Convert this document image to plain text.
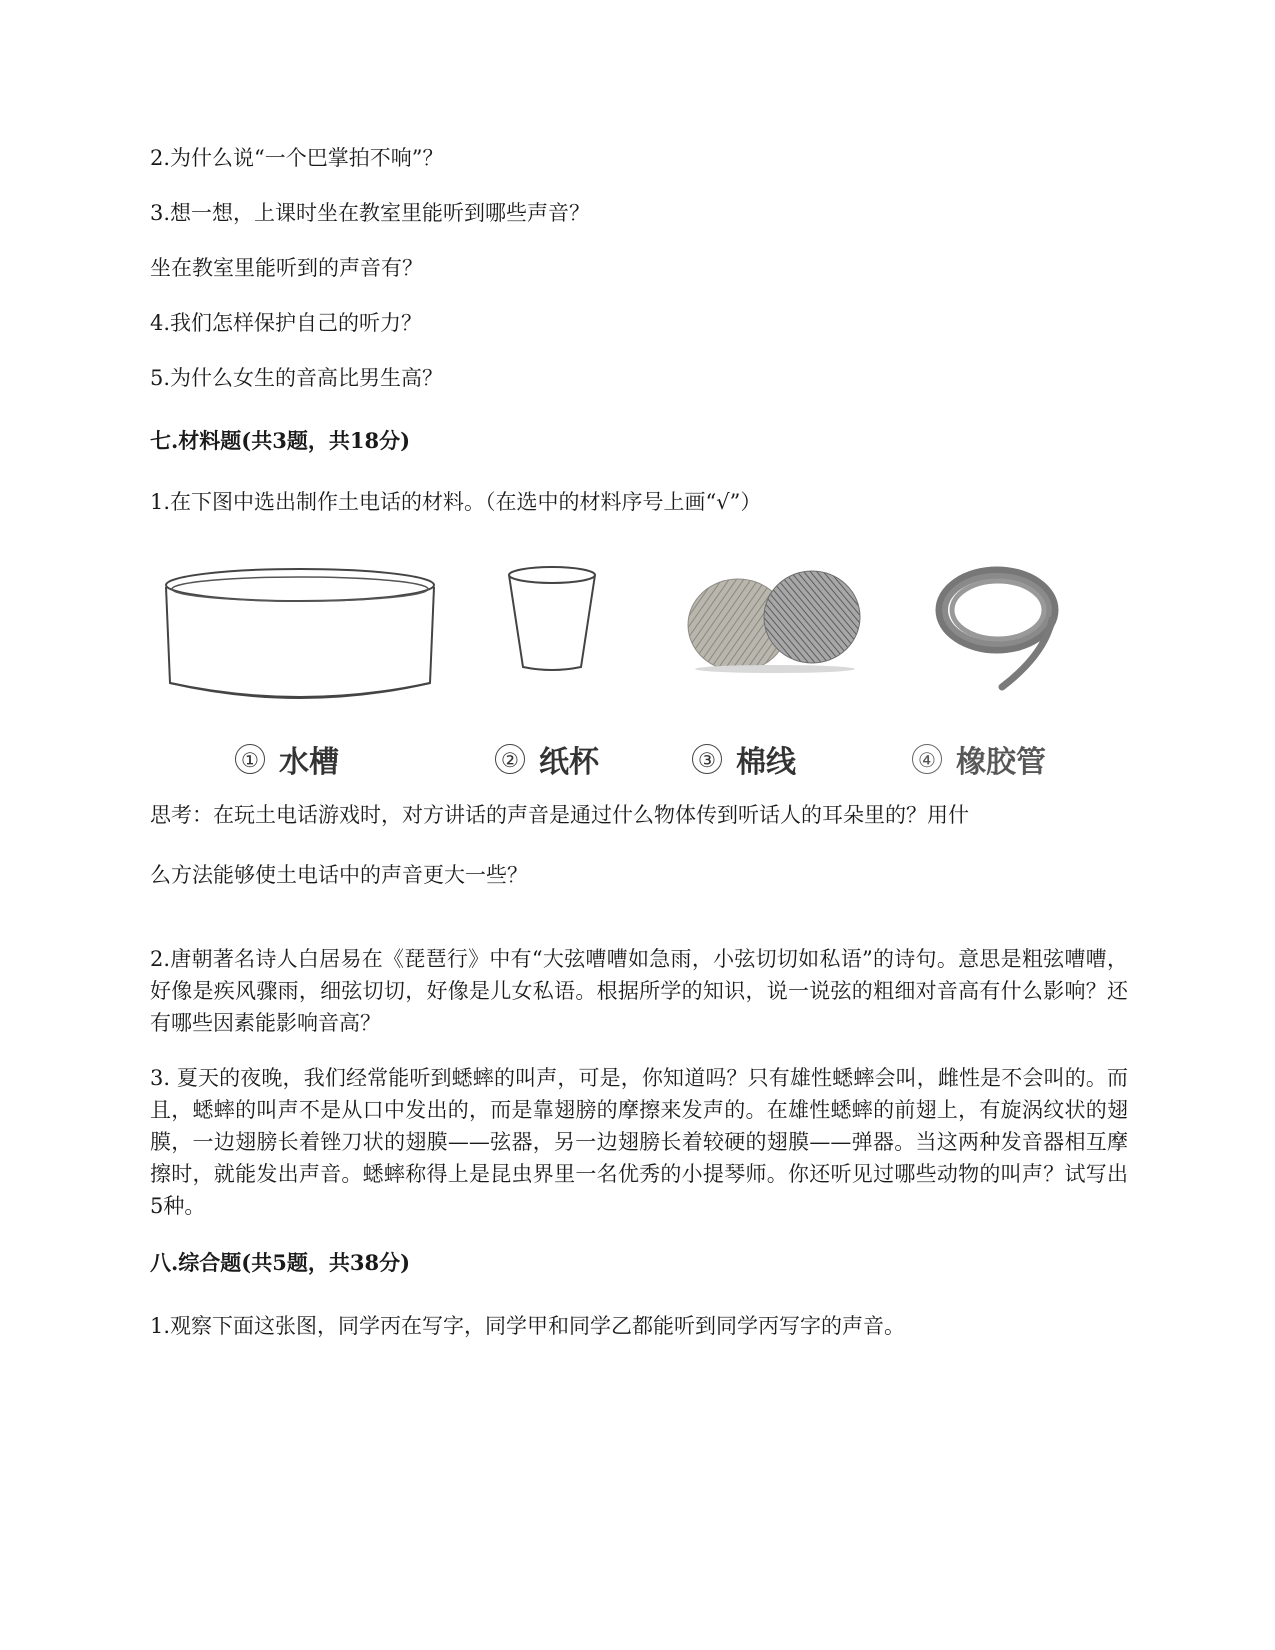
2.为什么说“一个巴掌拍不响”？
3.想一想，上课时坐在教室里能听到哪些声音？
坐在教室里能听到的声音有？
4.我们怎样保护自己的听力？
5.为什么女生的音高比男生高？
七.材料题(共3题，共18分)
1.在下图中选出制作土电话的材料。（在选中的材料序号上画“√”）
① 水槽	② 纸杯	③ 棉线	④ 橡胶管
思考：在玩土电话游戏时，对方讲话的声音是通过什么物体传到听话人的耳朵里的？用什
么方法能够使土电话中的声音更大一些？
2.唐朝著名诗人白居易在《琵琶行》中有“大弦嘈嘈如急雨，小弦切切如私语”的诗句。意思是粗弦嘈嘈，好像是疾风骤雨，细弦切切，好像是儿女私语。根据所学的知识，说一说弦的粗细对音高有什么影响？还有哪些因素能影响音高？
3. 夏天的夜晚，我们经常能听到蟋蟀的叫声，可是，你知道吗？只有雄性蟋蟀会叫，雌性是不会叫的。而且，蟋蟀的叫声不是从口中发出的，而是靠翅膀的摩擦来发声的。在雄性蟋蟀的前翅上，有旋涡纹状的翅膜，一边翅膀长着锉刀状的翅膜——弦器，另一边翅膀长着较硬的翅膜——弹器。当这两种发音器相互摩擦时，就能发出声音。蟋蟀称得上是昆虫界里一名优秀的小提琴师。你还听见过哪些动物的叫声？试写出5种。
八.综合题(共5题，共38分)
1.观察下面这张图，同学丙在写字，同学甲和同学乙都能听到同学丙写字的声音。
